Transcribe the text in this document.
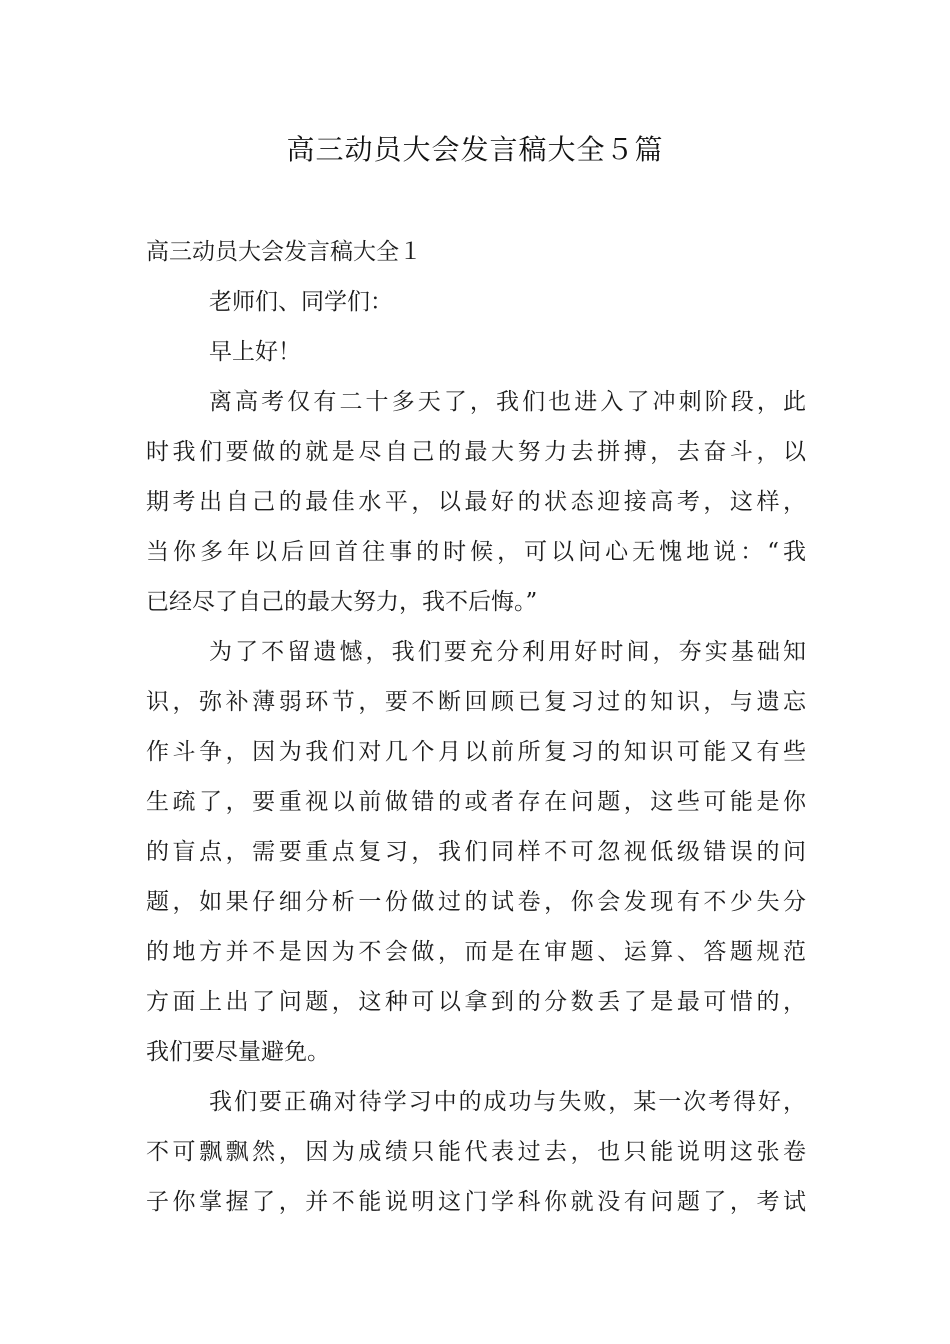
高三动员大会发言稿大全５篇
高三动员大会发言稿大全１
老师们、同学们：
早上好！
离高考仅有二十多天了，我们也进入了冲刺阶段，此
时我们要做的就是尽自己的最大努力去拼搏，去奋斗，以
期考出自己的最佳水平，以最好的状态迎接高考，这样，
当你多年以后回首往事的时候，可以问心无愧地说：“我
已经尽了自己的最大努力，我不后悔。”
为了不留遗憾，我们要充分利用好时间，夯实基础知
识，弥补薄弱环节，要不断回顾已复习过的知识，与遗忘
作斗争，因为我们对几个月以前所复习的知识可能又有些
生疏了，要重视以前做错的或者存在问题，这些可能是你
的盲点，需要重点复习，我们同样不可忽视低级错误的问
题，如果仔细分析一份做过的试卷，你会发现有不少失分
的地方并不是因为不会做，而是在审题、运算、答题规范
方面上出了问题，这种可以拿到的分数丢了是最可惜的，
我们要尽量避免。
我们要正确对待学习中的成功与失败，某一次考得好，
不可飘飘然，因为成绩只能代表过去，也只能说明这张卷
子你掌握了，并不能说明这门学科你就没有问题了，考试
